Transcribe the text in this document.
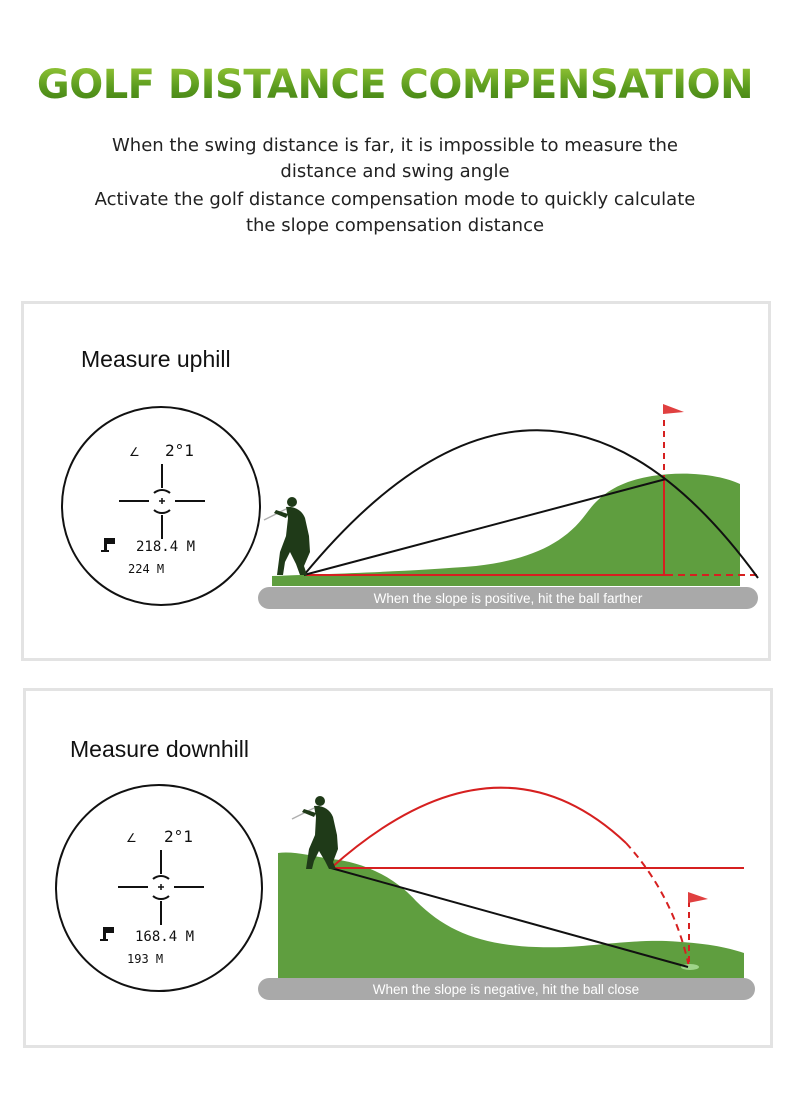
GOLF DISTANCE COMPENSATION
When the swing distance is far, it is impossible to measure the
distance and swing angle
Activate the golf distance compensation mode to quickly calculate
the slope compensation distance
Measure uphill
∠ 2°1
218.4 M
224 M
When the slope is positive, hit the ball farther
Measure downhill
∠ 2°1
168.4 M
193 M
When the slope is negative, hit the ball close
